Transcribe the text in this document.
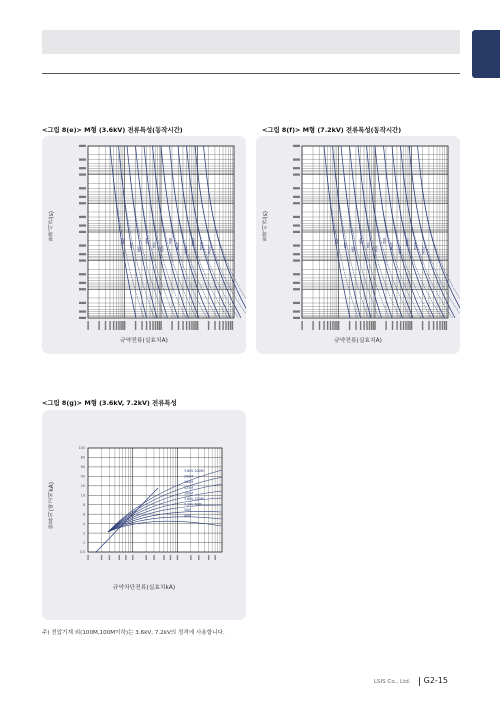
<그림 8(e)> M형 (3.6kV) 전류특성(동작시간)
동작시간(s)	20A
25A
30A
40A
50A
65A
80A
100A 125A
160A 200A 250A
규약전류(실효치A)
<그림 8(f)> M형 (7.2kV) 전류특성(동작시간)
동작시간(s)	20A
25A
30A
40A
50A
65A
80A
100A 125A
160A 200A 250A
규약전류(실효치A)
<그림 8(g)> M형 (3.6kV, 7.2kV) 전류특성
한류치(파고치kA)
100
80
60
40
20
10
8
6
4
2
1
0.5
3.6kV 200M
200M
160M
125M
100M
3.6kV 100M
7.2kV 50M
50M
40M
규약차단전류(실효치kA)
주) 전압기재 외(100M,100M이하)는 3.6kV, 7.2kV의 정격에 사용합니다.
LSIS Co., Ltd. G2-15
